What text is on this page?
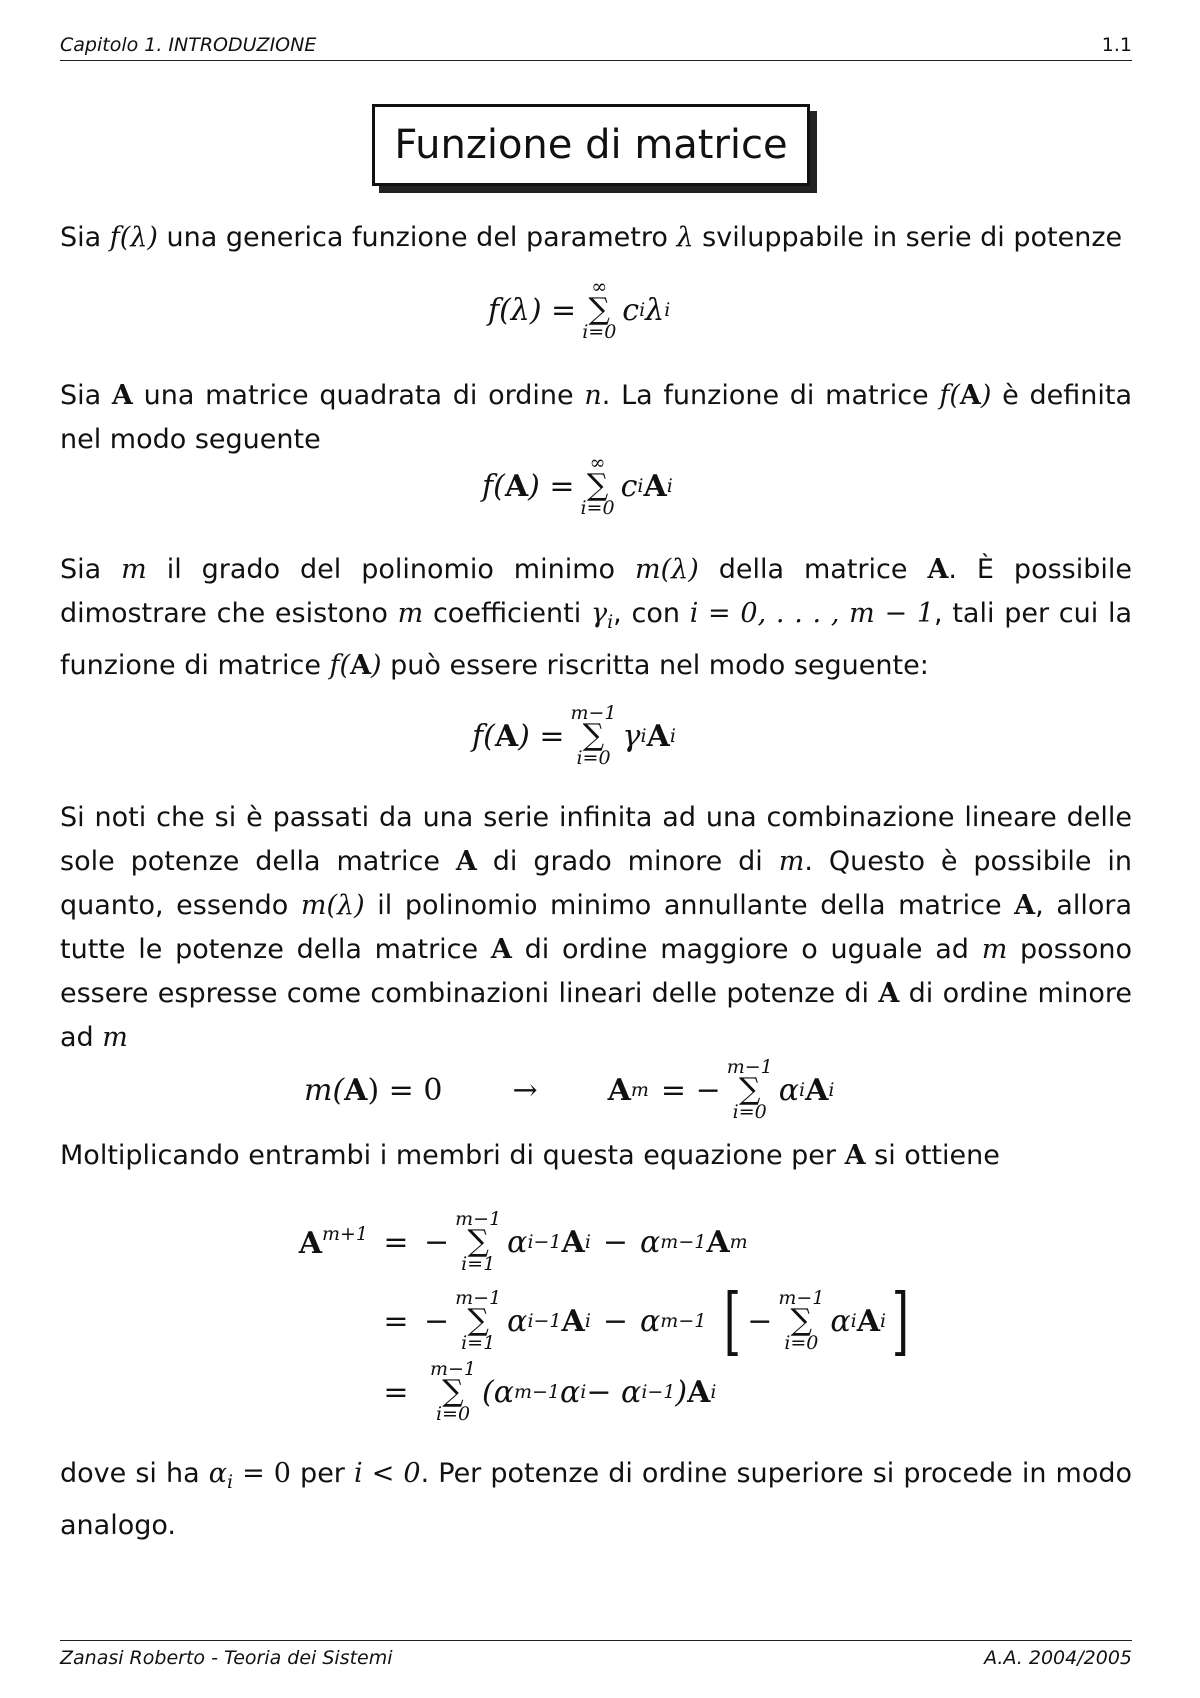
Capitolo 1. INTRODUZIONE	1.1
Funzione di matrice

Sia f(λ) una generica funzione del parametro λ sviluppabile in serie di potenze

f(λ) =
∞
∑
i=0
c i λ i

Sia A una matrice quadrata di ordine n. La funzione di matrice f(A) è definita nel modo seguente

f( A ) =
∞
∑
i=0
c i A i

Sia m il grado del polinomio minimo m(λ) della matrice A. È possibile dimostrare che esistono m coefficienti $\gamma_i$, con i = 0, . . . , m − 1, tali per cui la funzione di matrice f(A) può essere riscritta nel modo seguente:

f( A ) =
m−1
∑
i=0
γ i A i

Si noti che si è passati da una serie infinita ad una combinazione lineare delle sole potenze della matrice A di grado minore di m. Questo è possibile in quanto, essendo m(λ) il polinomio minimo annullante della matrice A, allora tutte le potenze della matrice A di ordine maggiore o uguale ad m possono essere espresse come combinazioni lineari delle potenze di A di ordine minore ad m

m( A ) = 0 → A m = −
m−1
∑
i=0
α i A i

Moltiplicando entrambi i membri di questa equazione per A si ottiene

$A^{m+1}$ = −
m−1
∑
i=1
α i−1 A i − α m−1 A m
= −
m−1
∑
i=1
α i−1 A i − α m−1 [ −
m−1
∑
i=0
α i A i ]
=
m−1
∑
i=0
(α m−1 α i − α i−1 ) A i

dove si ha $\alpha_i = 0$ per i < 0. Per potenze di ordine superiore si procede in modo analogo.

Zanasi Roberto - Teoria dei Sistemi	A.A. 2004/2005
